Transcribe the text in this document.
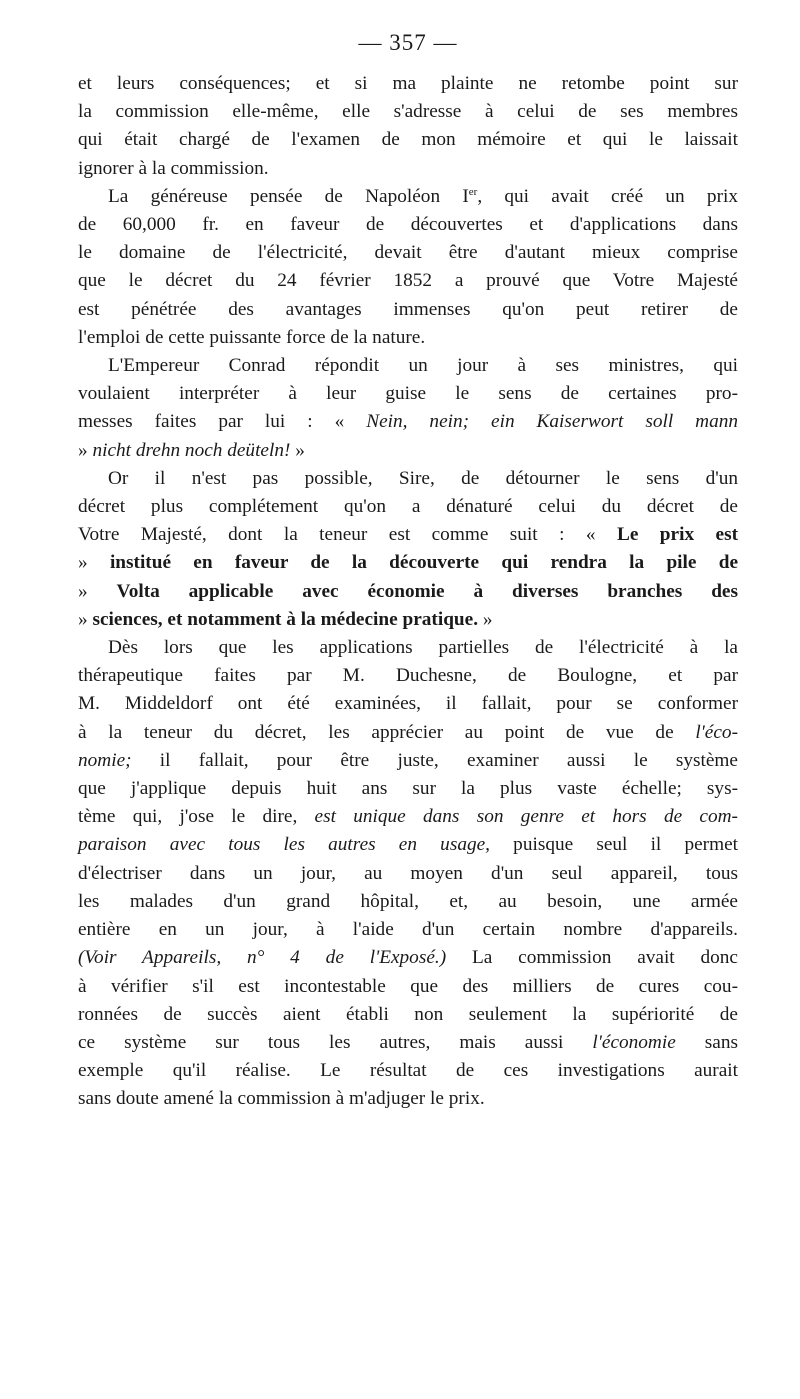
— 357 —

et leurs conséquences; et si ma plainte ne retombe point sur
la commission elle-même, elle s'adresse à celui de ses membres
qui était chargé de l'examen de mon mémoire et qui le laissait
ignorer à la commission.

La généreuse pensée de Napoléon Ier, qui avait créé un prix
de 60,000 fr. en faveur de découvertes et d'applications dans
le domaine de l'électricité, devait être d'autant mieux comprise
que le décret du 24 février 1852 a prouvé que Votre Majesté
est pénétrée des avantages immenses qu'on peut retirer de
l'emploi de cette puissante force de la nature.

L'Empereur Conrad répondit un jour à ses ministres, qui
voulaient interpréter à leur guise le sens de certaines pro-
messes faites par lui : « Nein, nein; ein Kaiserwort soll mann
» nicht drehn noch deüteln! »

Or il n'est pas possible, Sire, de détourner le sens d'un
décret plus complétement qu'on a dénaturé celui du décret de
Votre Majesté, dont la teneur est comme suit : « Le prix est
» institué en faveur de la découverte qui rendra la pile de
» Volta applicable avec économie à diverses branches des
» sciences, et notamment à la médecine pratique. »

Dès lors que les applications partielles de l'électricité à la
thérapeutique faites par M. Duchesne, de Boulogne, et par
M. Middeldorf ont été examinées, il fallait, pour se conformer
à la teneur du décret, les apprécier au point de vue de l'éco-
nomie; il fallait, pour être juste, examiner aussi le système
que j'applique depuis huit ans sur la plus vaste échelle; sys-
tème qui, j'ose le dire, est unique dans son genre et hors de com-
paraison avec tous les autres en usage, puisque seul il permet
d'électriser dans un jour, au moyen d'un seul appareil, tous
les malades d'un grand hôpital, et, au besoin, une armée
entière en un jour, à l'aide d'un certain nombre d'appareils.
(Voir Appareils, n° 4 de l'Exposé.) La commission avait donc
à vérifier s'il est incontestable que des milliers de cures cou-
ronnées de succès aient établi non seulement la supériorité de
ce système sur tous les autres, mais aussi l'économie sans
exemple qu'il réalise. Le résultat de ces investigations aurait
sans doute amené la commission à m'adjuger le prix.
